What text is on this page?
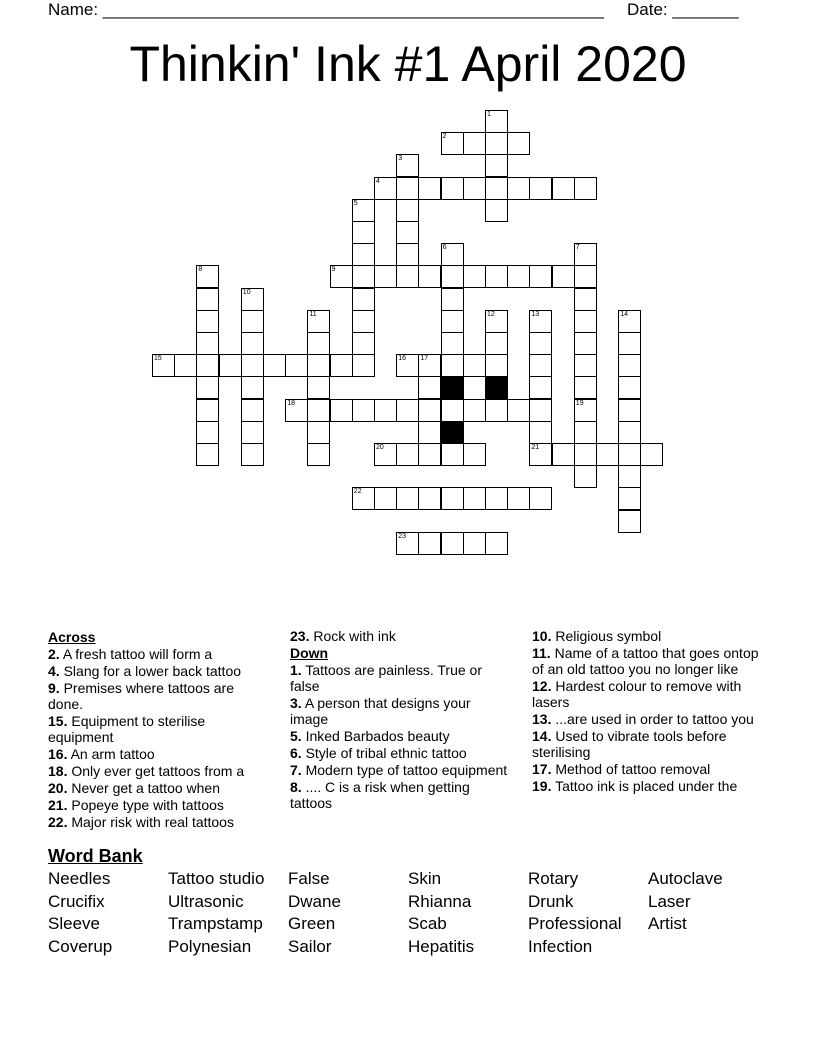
Name: _____________________________________________________ Date: _______
Thinkin' Ink #1 April 2020
1
2
3
4
5
6	7
19
8	9
10
11	12	13
21
14
15	16 17
18
20
22
23
Across
2. A fresh tattoo will form a
4. Slang for a lower back tattoo
9. Premises where tattoos are done.
15. Equipment to sterilise equipment
16. An arm tattoo
18. Only ever get tattoos from a
20. Never get a tattoo when
21. Popeye type with tattoos
22. Major risk with real tattoos
23. Rock with ink
Down
1. Tattoos are painless. True or false
3. A person that designs your image
5. Inked Barbados beauty
6. Style of tribal ethnic tattoo
7. Modern type of tattoo equipment
8. .... C is a risk when getting tattoos
10. Religious symbol
11. Name of a tattoo that goes ontop of an old tattoo you no longer like
12. Hardest colour to remove with lasers
13. ...are used in order to tattoo you
14. Used to vibrate tools before sterilising
17. Method of tattoo removal
19. Tattoo ink is placed under the
Word Bank
Needles	Tattoo studio	False	Skin	Rotary	Autoclave
Crucifix	Ultrasonic	Dwane	Rhianna	Drunk	Laser
Sleeve	Trampstamp	Green	Scab	Professional	Artist
Coverup	Polynesian	Sailor	Hepatitis	Infection
